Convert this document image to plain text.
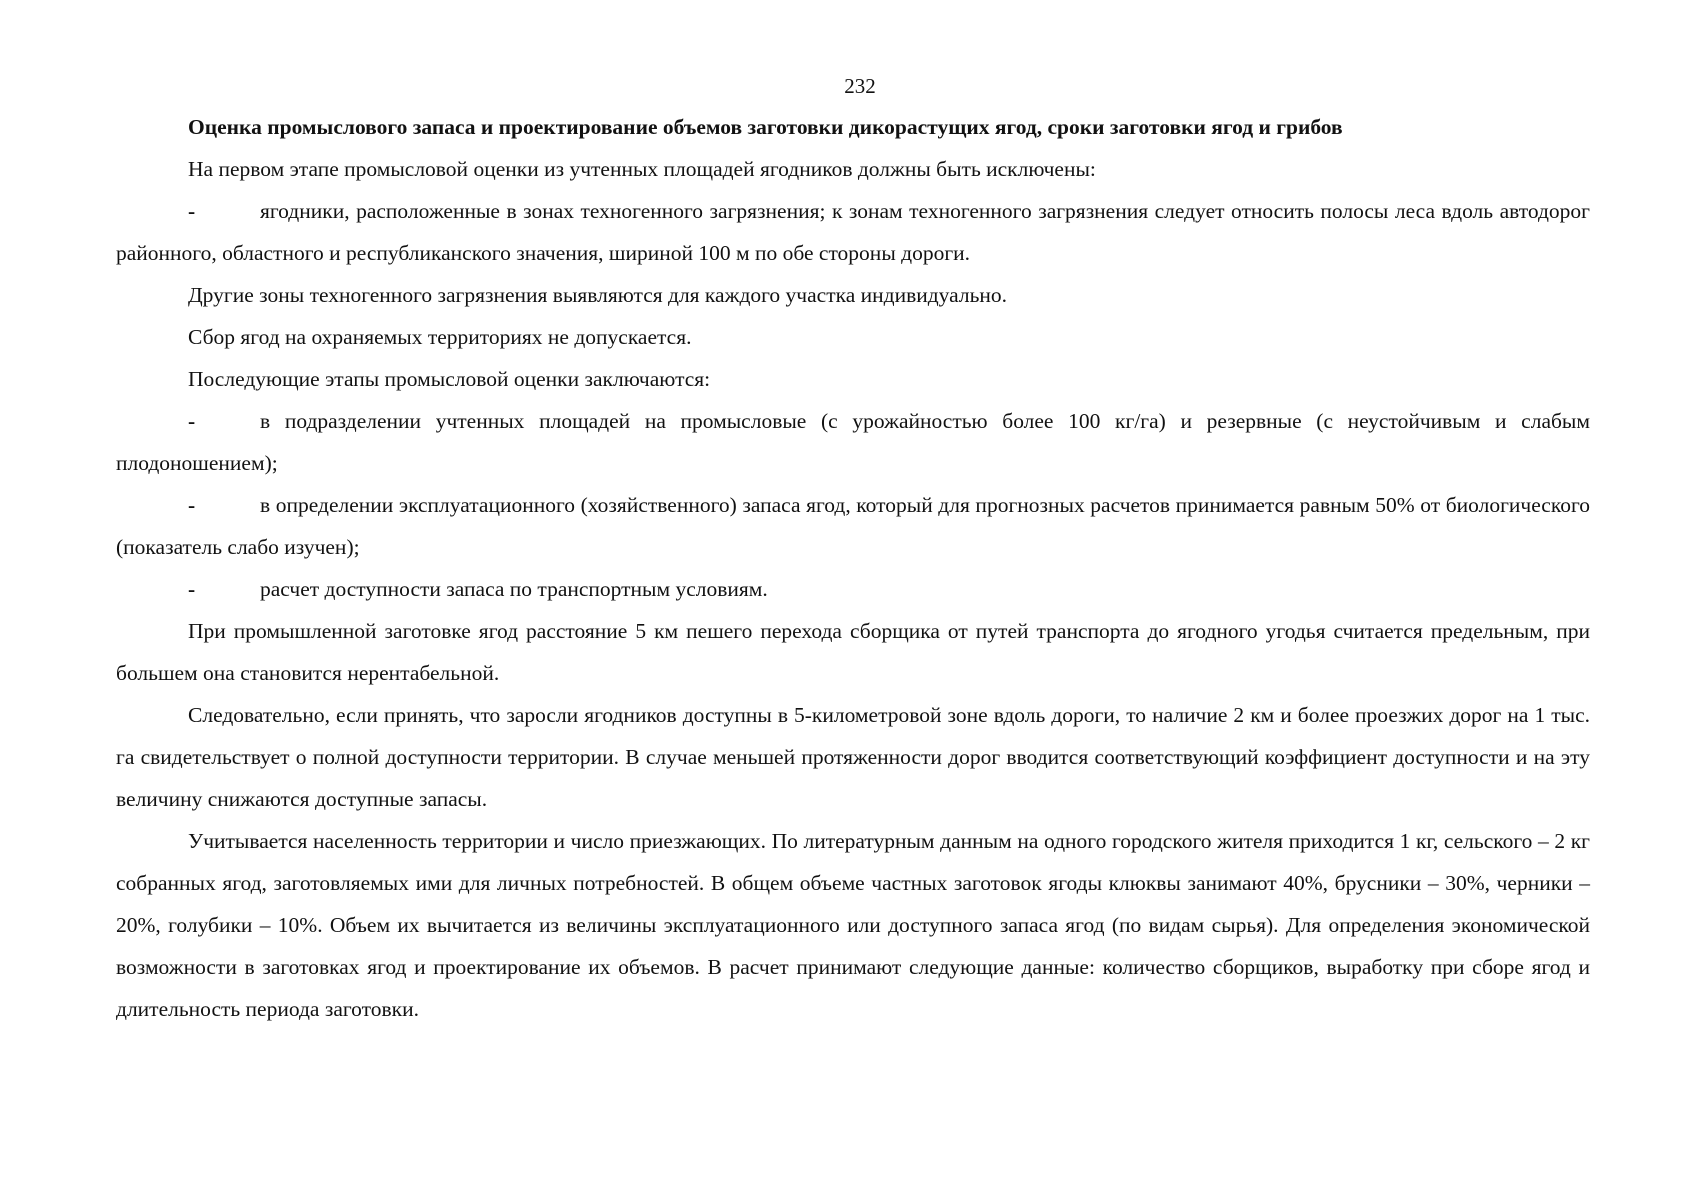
232

Оценка промыслового запаса и проектирование объемов заготовки дикорастущих ягод, сроки заготовки ягод и грибов

На первом этапе промысловой оценки из учтенных площадей ягодников должны быть исключены:

-	ягодники, расположенные в зонах техногенного загрязнения; к зонам техногенного загрязнения следует относить полосы леса вдоль автодорог районного, областного и республиканского значения, шириной 100 м по обе стороны дороги.

Другие зоны техногенного загрязнения выявляются для каждого участка индивидуально.

Сбор ягод на охраняемых территориях не допускается.

Последующие этапы промысловой оценки заключаются:

-	в подразделении учтенных площадей на промысловые (с урожайностью более 100 кг/га) и резервные (с неустойчивым и слабым плодоношением);

-	в определении эксплуатационного (хозяйственного) запаса ягод, который для прогнозных расчетов принимается равным 50% от биологического (показатель слабо изучен);

-	расчет доступности запаса по транспортным условиям.

При промышленной заготовке ягод расстояние 5 км пешего перехода сборщика от путей транспорта до ягодного угодья считается предельным, при большем она становится нерентабельной.

Следовательно, если принять, что заросли ягодников доступны в 5-километровой зоне вдоль дороги, то наличие 2 км и более проезжих дорог на 1 тыс. га свидетельствует о полной доступности территории. В случае меньшей протяженности дорог вводится соответствующий коэффициент доступности и на эту величину снижаются доступные запасы.

Учитывается населенность территории и число приезжающих. По литературным данным на одного городского жителя приходится 1 кг, сельского – 2 кг собранных ягод, заготовляемых ими для личных потребностей. В общем объеме частных заготовок ягоды клюквы занимают 40%, брусники – 30%, черники – 20%, голубики – 10%. Объем их вычитается из величины эксплуатационного или доступного запаса ягод (по видам сырья). Для определения экономической возможности в заготовках ягод и проектирование их объемов. В расчет принимают следующие данные: количество сборщиков, выработку при сборе ягод и длительность периода заготовки.
